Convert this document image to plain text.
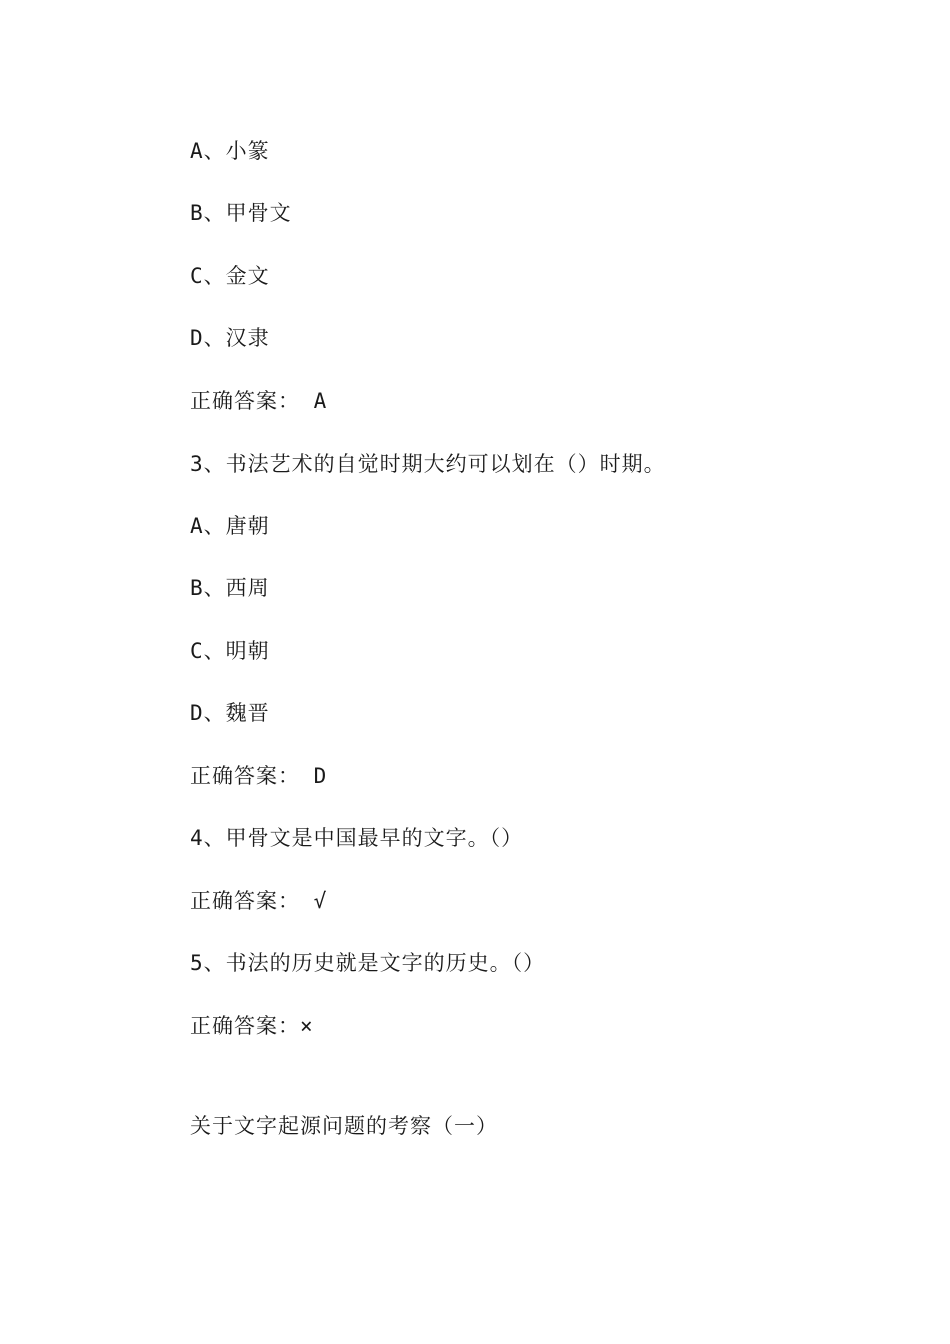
A、小篆
B、甲骨文
C、金文
D、汉隶
正确答案： A
3、书法艺术的自觉时期大约可以划在（）时期。
A、唐朝
B、西周
C、明朝
D、魏晋
正确答案： D
4、甲骨文是中国最早的文字。（）
正确答案： √
5、书法的历史就是文字的历史。（）
正确答案：×
关于文字起源问题的考察（一）
